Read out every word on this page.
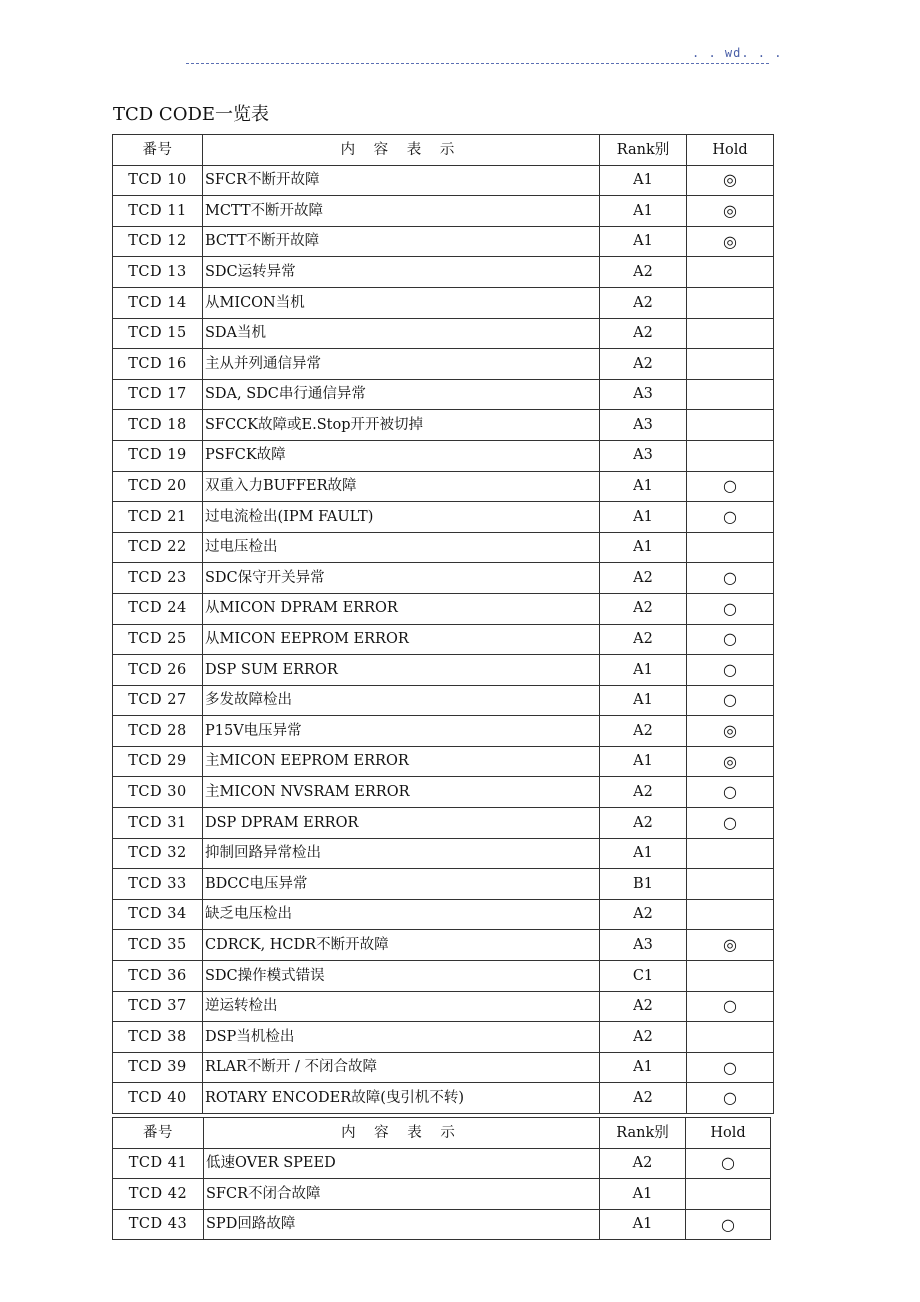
. . wd. . .
TCD CODE一览表
番号	内 容 表 示	Rank别	Hold
TCD 10	SFCR不断开故障	A1	◎
TCD 11	MCTT不断开故障	A1	◎
TCD 12	BCTT不断开故障	A1	◎
TCD 13	SDC运转异常	A2	
TCD 14	从MICON当机	A2	
TCD 15	SDA当机	A2	
TCD 16	主从并列通信异常	A2	
TCD 17	SDA, SDC串行通信异常	A3	
TCD 18	SFCCK故障或E.Stop开开被切掉	A3	
TCD 19	PSFCK故障	A3	
TCD 20	双重入力BUFFER故障	A1	○
TCD 21	过电流检出(IPM FAULT)	A1	○
TCD 22	过电压检出	A1	
TCD 23	SDC保守开关异常	A2	○
TCD 24	从MICON DPRAM ERROR	A2	○
TCD 25	从MICON EEPROM ERROR	A2	○
TCD 26	DSP SUM ERROR	A1	○
TCD 27	多发故障检出	A1	○
TCD 28	P15V电压异常	A2	◎
TCD 29	主MICON EEPROM ERROR	A1	◎
TCD 30	主MICON NVSRAM ERROR	A2	○
TCD 31	DSP DPRAM ERROR	A2	○
TCD 32	抑制回路异常检出	A1	
TCD 33	BDCC电压异常	B1	
TCD 34	缺乏电压检出	A2	
TCD 35	CDRCK, HCDR不断开故障	A3	◎
TCD 36	SDC操作模式错误	C1	
TCD 37	逆运转检出	A2	○
TCD 38	DSP当机检出	A2	
TCD 39	RLAR不断开 / 不闭合故障	A1	○
TCD 40	ROTARY ENCODER故障(曳引机不转)	A2	○
番号	内 容 表 示	Rank别	Hold
TCD 41	低速OVER SPEED	A2	○
TCD 42	SFCR不闭合故障	A1	
TCD 43	SPD回路故障	A1	○
